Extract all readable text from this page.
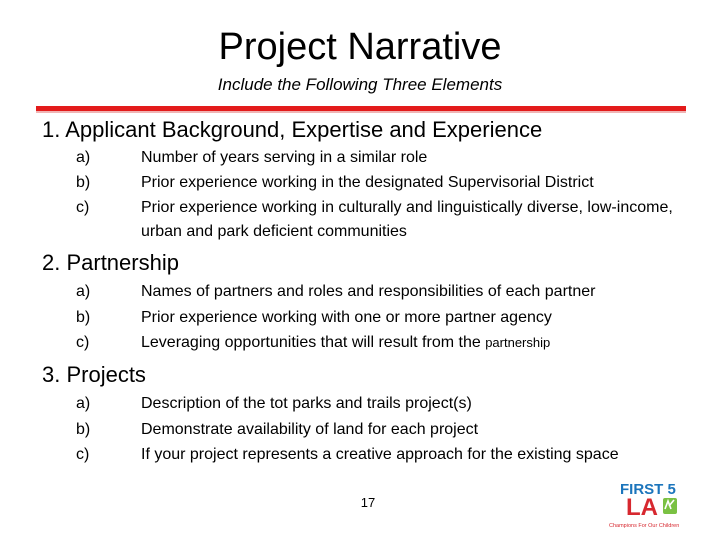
Project Narrative
Include the Following Three Elements
1. Applicant Background, Expertise and Experience
a)	Number of years serving in a similar role
b)	Prior experience working in the designated Supervisorial District
c)	Prior experience working in culturally and linguistically diverse, low-income, urban and park deficient communities
2. Partnership
a)	Names of partners and roles and responsibilities of each partner
b)	Prior experience working with one or more partner agency
c)	Leveraging opportunities that will result from the partnership
3. Projects
a)	Description of the tot parks and trails project(s)
b)	Demonstrate availability of land for each project
c)	If your project represents a creative approach for the existing space
17
FIRST 5
LA
Champions For Our Children
